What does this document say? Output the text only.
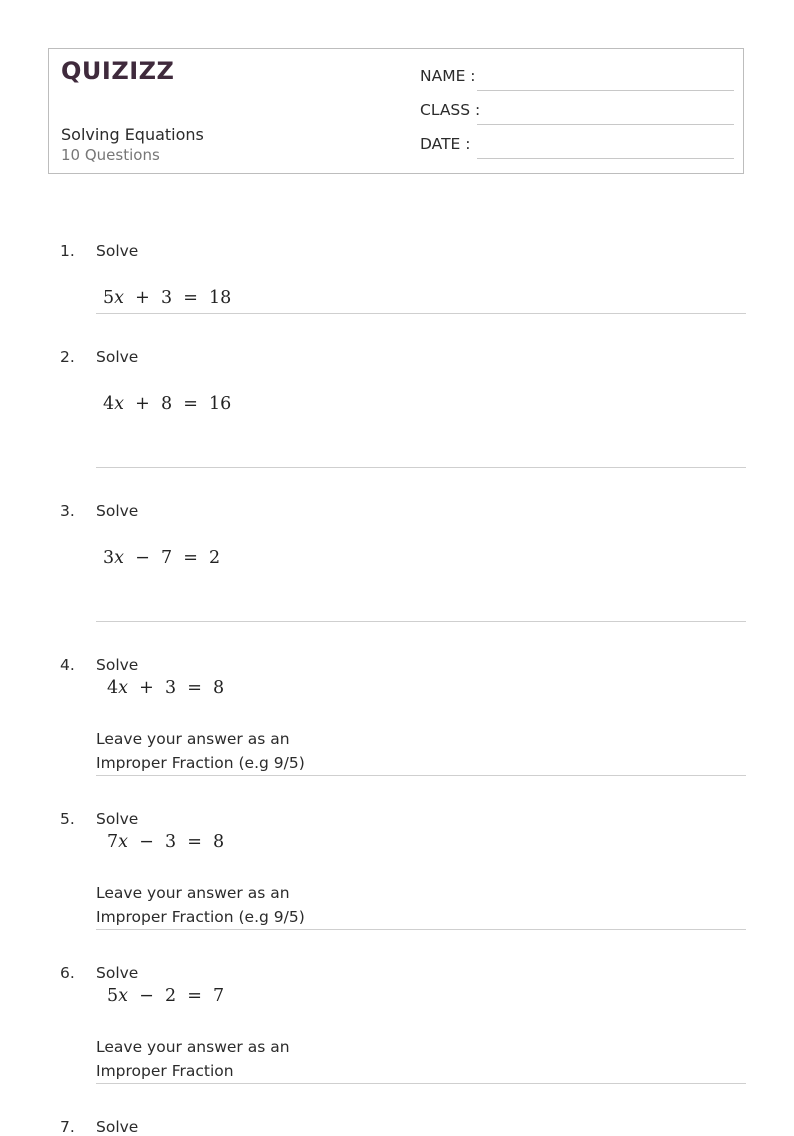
QUIZIZZ
Solving Equations
10 Questions
NAME :
CLASS :
DATE :
1. Solve
5x + 3  =  18
2. Solve
4x + 8  =  16
3. Solve
3x − 7  =  2
4. Solve
4x + 3  =  8
Leave your answer as an
Improper Fraction (e.g 9/5)
5. Solve
7x − 3  =  8
Leave your answer as an
Improper Fraction (e.g 9/5)
6. Solve
5x − 2  =  7
Leave your answer as an
Improper Fraction
7. Solve
